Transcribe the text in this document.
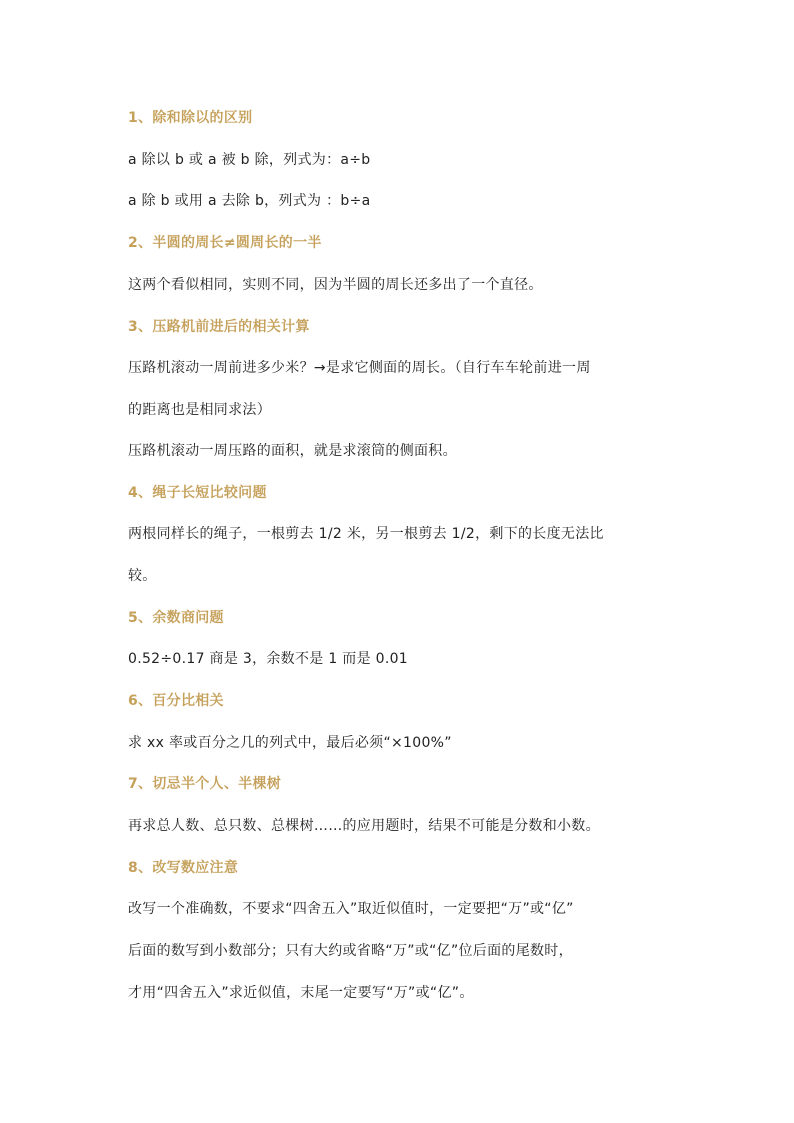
1、除和除以的区别
a 除以 b 或 a 被 b 除，列式为：a÷b
a 除 b 或用 a 去除 b，列式为 ：b÷a
2、半圆的周长≠圆周长的一半
这两个看似相同，实则不同，因为半圆的周长还多出了一个直径。
3、压路机前进后的相关计算
压路机滚动一周前进多少米？→是求它侧面的周长。（自行车车轮前进一周
的距离也是相同求法）
压路机滚动一周压路的面积，就是求滚筒的侧面积。
4、绳子长短比较问题
两根同样长的绳子，一根剪去 1/2 米，另一根剪去 1/2，剩下的长度无法比
较。
5、余数商问题
0.52÷0.17 商是 3，余数不是 1 而是 0.01
6、百分比相关
求 xx 率或百分之几的列式中，最后必须“×100%”
7、切忌半个人、半棵树
再求总人数、总只数、总棵树……的应用题时，结果不可能是分数和小数。
8、改写数应注意
改写一个准确数，不要求“四舍五入”取近似值时，一定要把“万”或“亿”
后面的数写到小数部分；只有大约或省略“万”或“亿”位后面的尾数时，
才用“四舍五入”求近似值，末尾一定要写“万”或“亿”。
